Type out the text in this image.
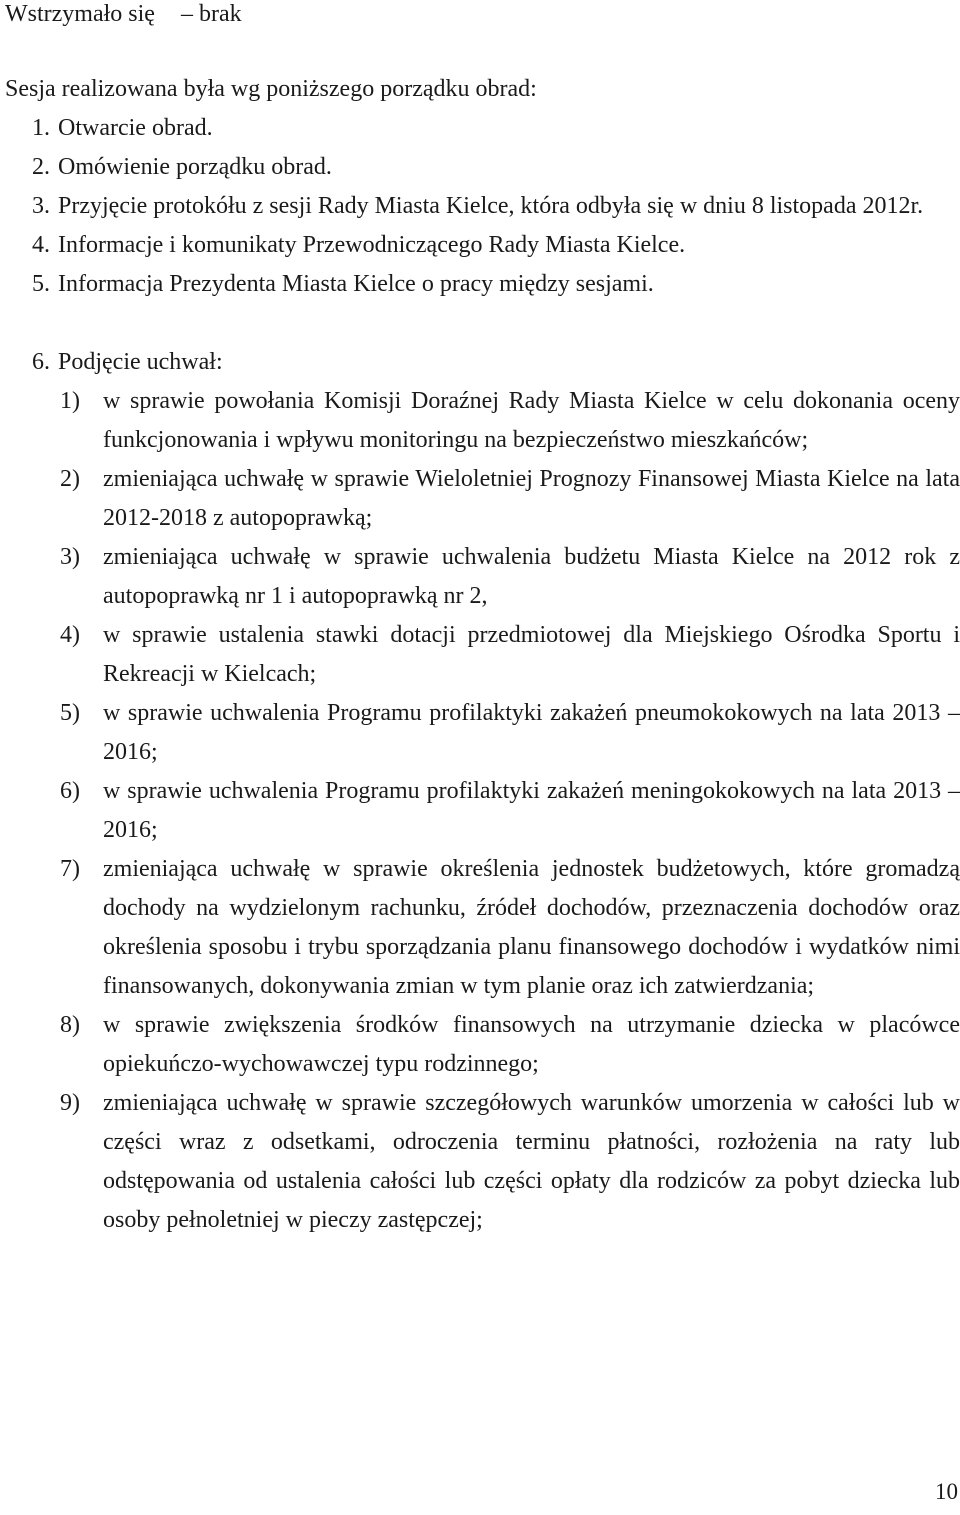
Wstrzymało się – brak
Sesja realizowana była wg poniższego porządku obrad:
1. Otwarcie obrad.
2. Omówienie porządku obrad.
3. Przyjęcie protokółu z sesji Rady Miasta Kielce, która odbyła się w dniu 8 listopada 2012r.
4. Informacje i komunikaty Przewodniczącego Rady Miasta Kielce.
5. Informacja Prezydenta Miasta Kielce o pracy między sesjami.
6. Podjęcie uchwał:
1) w sprawie powołania Komisji Doraźnej Rady Miasta Kielce w celu dokonania oceny funkcjonowania i wpływu monitoringu na bezpieczeństwo mieszkańców;
2) zmieniająca uchwałę w sprawie Wieloletniej Prognozy Finansowej Miasta Kielce na lata 2012-2018 z autopoprawką;
3) zmieniająca uchwałę w sprawie uchwalenia budżetu Miasta Kielce na 2012 rok z autopoprawką nr 1 i autopoprawką nr 2,
4) w sprawie ustalenia stawki dotacji przedmiotowej dla Miejskiego Ośrodka Sportu i Rekreacji w Kielcach;
5) w sprawie uchwalenia Programu profilaktyki zakażeń pneumokokowych na lata 2013 – 2016;
6) w sprawie uchwalenia Programu profilaktyki zakażeń meningokokowych na lata 2013 – 2016;
7) zmieniająca uchwałę w sprawie określenia jednostek budżetowych, które gromadzą dochody na wydzielonym rachunku, źródeł dochodów, przeznaczenia dochodów oraz określenia sposobu i trybu sporządzania planu finansowego dochodów i wydatków nimi finansowanych, dokonywania zmian w tym planie oraz ich zatwierdzania;
8) w sprawie zwiększenia środków finansowych na utrzymanie dziecka w placówce opiekuńczo-wychowawczej typu rodzinnego;
9) zmieniająca uchwałę w sprawie szczegółowych warunków umorzenia w całości lub w części wraz z odsetkami, odroczenia terminu płatności, rozłożenia na raty lub odstępowania od ustalenia całości lub części opłaty dla rodziców za pobyt dziecka lub osoby pełnoletniej w pieczy zastępczej;
10
